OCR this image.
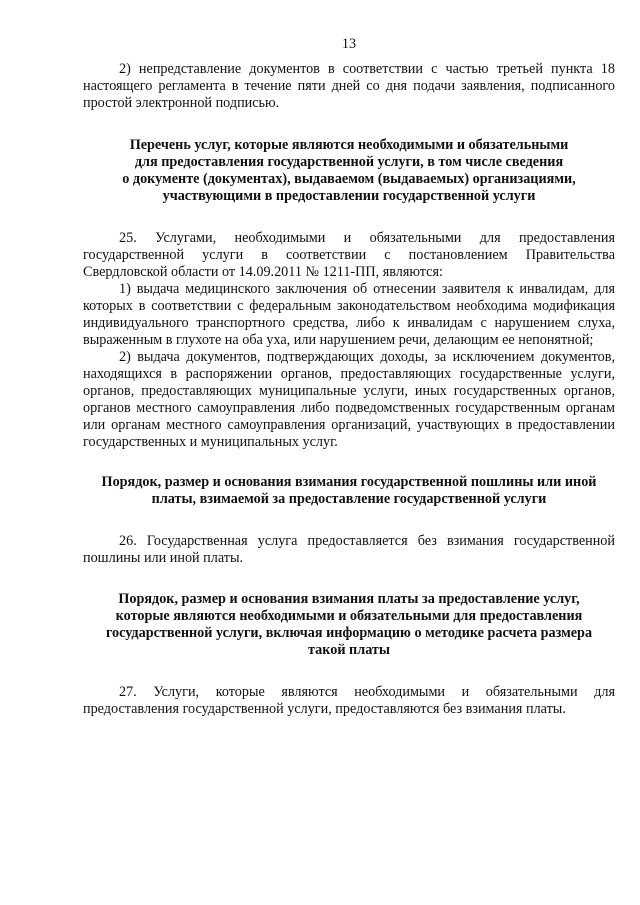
13

2) непредставление документов в соответствии с частью третьей пункта 18 настоящего регламента в течение пяти дней со дня подачи заявления, подписанного простой электронной подписью.

Перечень услуг, которые являются необходимыми и обязательными
для предоставления государственной услуги, в том числе сведения
о документе (документах), выдаваемом (выдаваемых) организациями,
участвующими в предоставлении государственной услуги

25. Услугами, необходимыми и обязательными для предоставления государственной услуги в соответствии с постановлением Правительства Свердловской области от 14.09.2011 № 1211-ПП, являются:

1) выдача медицинского заключения об отнесении заявителя к инвалидам, для которых в соответствии с федеральным законодательством необходима модификация индивидуального транспортного средства, либо к инвалидам с нарушением слуха, выраженным в глухоте на оба уха, или нарушением речи, делающим ее непонятной;

2) выдача документов, подтверждающих доходы, за исключением документов, находящихся в распоряжении органов, предоставляющих государственные услуги, органов, предоставляющих муниципальные услуги, иных государственных органов, органов местного самоуправления либо подведомственных государственным органам или органам местного самоуправления организаций, участвующих в предоставлении государственных и муниципальных услуг.

Порядок, размер и основания взимания государственной пошлины или иной
платы, взимаемой за предоставление государственной услуги

26. Государственная услуга предоставляется без взимания государственной пошлины или иной платы.

Порядок, размер и основания взимания платы за предоставление услуг,
которые являются необходимыми и обязательными для предоставления
государственной услуги, включая информацию о методике расчета размера
такой платы

27. Услуги, которые являются необходимыми и обязательными для предоставления государственной услуги, предоставляются без взимания платы.
